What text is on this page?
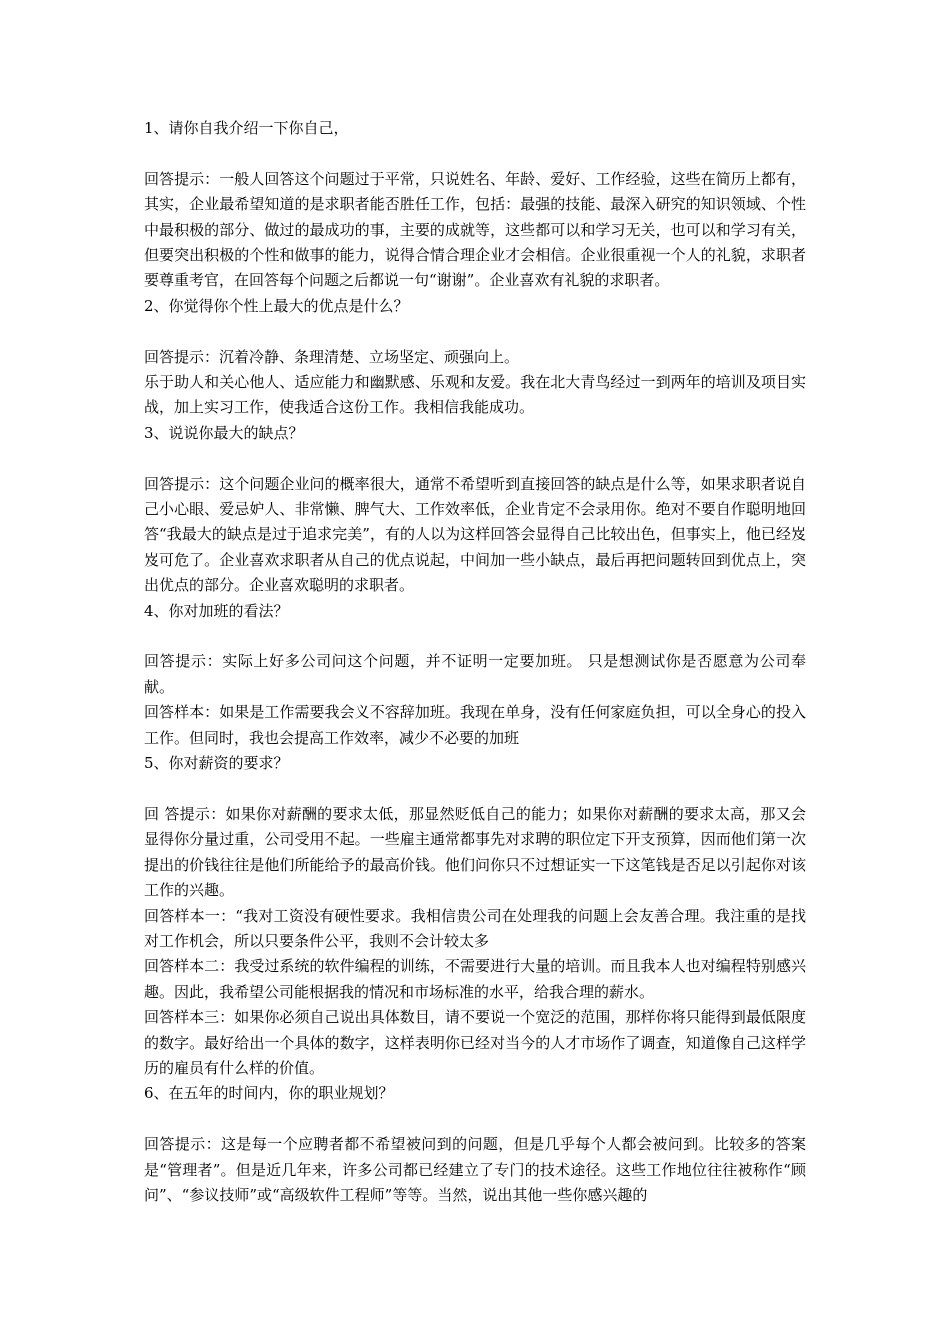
1、请你自我介绍一下你自己，

回答提示：一般人回答这个问题过于平常，只说姓名、年龄、爱好、工作经验，这些在简历上都有，其实，企业最希望知道的是求职者能否胜任工作，包括：最强的技能、最深入研究的知识领域、个性中最积极的部分、做过的最成功的事，主要的成就等，这些都可以和学习无关，也可以和学习有关，但要突出积极的个性和做事的能力，说得合情合理企业才会相信。企业很重视一个人的礼貌，求职者要尊重考官，在回答每个问题之后都说一句“谢谢”。企业喜欢有礼貌的求职者。

2、你觉得你个性上最大的优点是什么？

回答提示：沉着冷静、条理清楚、立场坚定、顽强向上。

乐于助人和关心他人、适应能力和幽默感、乐观和友爱。我在北大青鸟经过一到两年的培训及项目实战，加上实习工作，使我适合这份工作。我相信我能成功。

3、说说你最大的缺点？

回答提示：这个问题企业问的概率很大，通常不希望听到直接回答的缺点是什么等，如果求职者说自己小心眼、爱忌妒人、非常懒、脾气大、工作效率低，企业肯定不会录用你。绝对不要自作聪明地回答“我最大的缺点是过于追求完美”，有的人以为这样回答会显得自己比较出色，但事实上，他已经岌岌可危了。企业喜欢求职者从自己的优点说起，中间加一些小缺点，最后再把问题转回到优点上，突出优点的部分。企业喜欢聪明的求职者。

4、你对加班的看法？

回答提示：实际上好多公司问这个问题，并不证明一定要加班。 只是想测试你是否愿意为公司奉献。

回答样本：如果是工作需要我会义不容辞加班。我现在单身，没有任何家庭负担，可以全身心的投入工作。但同时，我也会提高工作效率，减少不必要的加班

5、你对薪资的要求？

回 答提示：如果你对薪酬的要求太低，那显然贬低自己的能力；如果你对薪酬的要求太高，那又会显得你分量过重，公司受用不起。一些雇主通常都事先对求聘的职位定下开支预算，因而他们第一次提出的价钱往往是他们所能给予的最高价钱。他们问你只不过想证实一下这笔钱是否足以引起你对该工作的兴趣。

回答样本一：“我对工资没有硬性要求。我相信贵公司在处理我的问题上会友善合理。我注重的是找对工作机会，所以只要条件公平，我则不会计较太多

回答样本二：我受过系统的软件编程的训练，不需要进行大量的培训。而且我本人也对编程特别感兴趣。因此，我希望公司能根据我的情况和市场标准的水平，给我合理的薪水。

回答样本三：如果你必须自己说出具体数目，请不要说一个宽泛的范围，那样你将只能得到最低限度的数字。最好给出一个具体的数字，这样表明你已经对当今的人才市场作了调查，知道像自己这样学历的雇员有什么样的价值。

6、在五年的时间内，你的职业规划？

回答提示：这是每一个应聘者都不希望被问到的问题，但是几乎每个人都会被问到。比较多的答案是“管理者”。但是近几年来，许多公司都已经建立了专门的技术途径。这些工作地位往往被称作“顾问”、“参议技师”或“高级软件工程师”等等。当然，说出其他一些你感兴趣的
